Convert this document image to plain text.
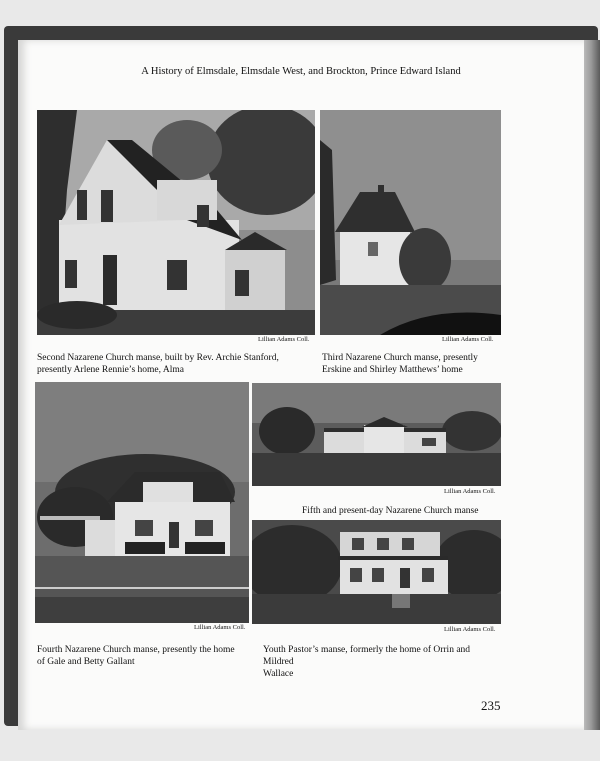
A History of Elmsdale, Elmsdale West, and Brockton, Prince Edward Island
Lillian Adams Coll.	Lillian Adams Coll.
Second Nazarene Church manse, built by Rev. Archie Stanford,
presently Arlene Rennie’s home, Alma
Third Nazarene Church manse, presently
Erskine and Shirley Matthews’ home
Lillian Adams Coll.
Lillian Adams Coll.
Fifth and present-day Nazarene Church manse
Lillian Adams Coll.
Fourth Nazarene Church manse, presently the home
of Gale and Betty Gallant
Youth Pastor’s manse, formerly the home of Orrin and Mildred
Wallace
235
